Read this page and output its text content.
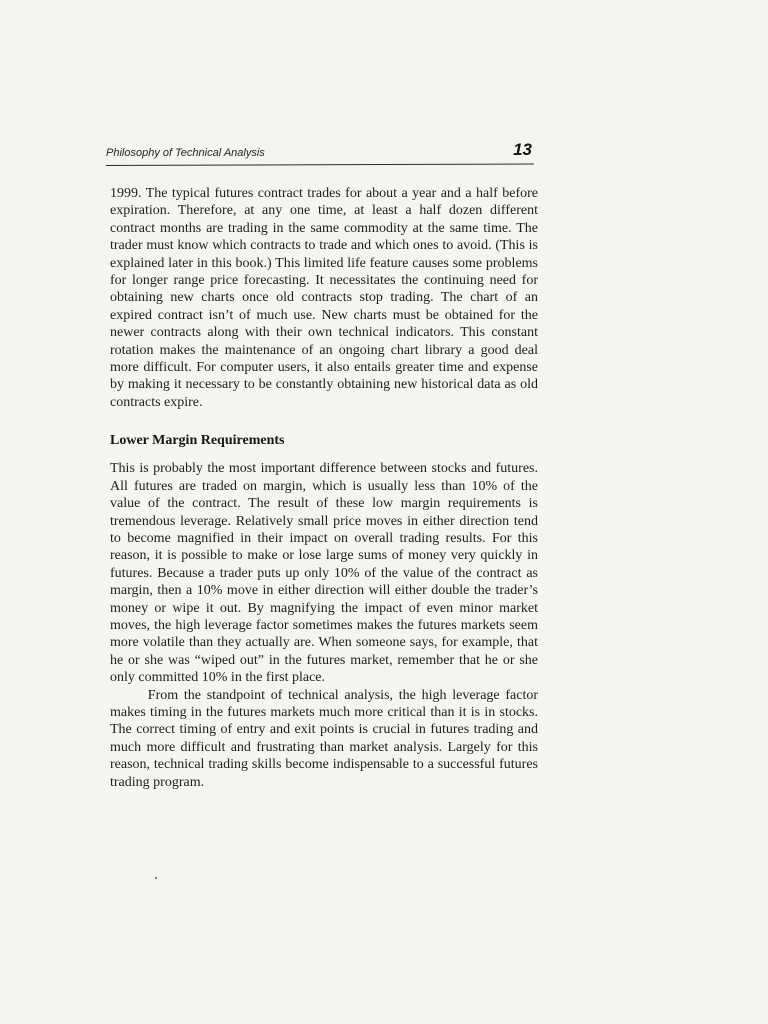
Philosophy of Technical Analysis	13

1999. The typical futures contract trades for about a year and a half before expiration. Therefore, at any one time, at least a half dozen different contract months are trading in the same commodity at the same time. The trader must know which contracts to trade and which ones to avoid. (This is explained later in this book.) This limited life feature causes some problems for longer range price forecasting. It necessitates the continuing need for obtaining new charts once old contracts stop trading. The chart of an expired contract isn’t of much use. New charts must be obtained for the newer contracts along with their own technical indicators. This constant rotation makes the maintenance of an ongoing chart library a good deal more difficult. For computer users, it also entails greater time and expense by making it necessary to be constantly obtaining new historical data as old contracts expire.

Lower Margin Requirements

This is probably the most important difference between stocks and futures. All futures are traded on margin, which is usually less than 10% of the value of the contract. The result of these low margin requirements is tremendous leverage. Relatively small price moves in either direction tend to become magnified in their impact on overall trading results. For this reason, it is possible to make or lose large sums of money very quickly in futures. Because a trader puts up only 10% of the value of the contract as margin, then a 10% move in either direction will either double the trader’s money or wipe it out. By magnifying the impact of even minor market moves, the high leverage factor sometimes makes the futures markets seem more volatile than they actually are. When someone says, for example, that he or she was “wiped out” in the futures market, remember that he or she only committed 10% in the first place.

From the standpoint of technical analysis, the high leverage factor makes timing in the futures markets much more critical than it is in stocks. The correct timing of entry and exit points is crucial in futures trading and much more difficult and frustrating than market analysis. Largely for this reason, technical trading skills become indispensable to a successful futures trading program.
